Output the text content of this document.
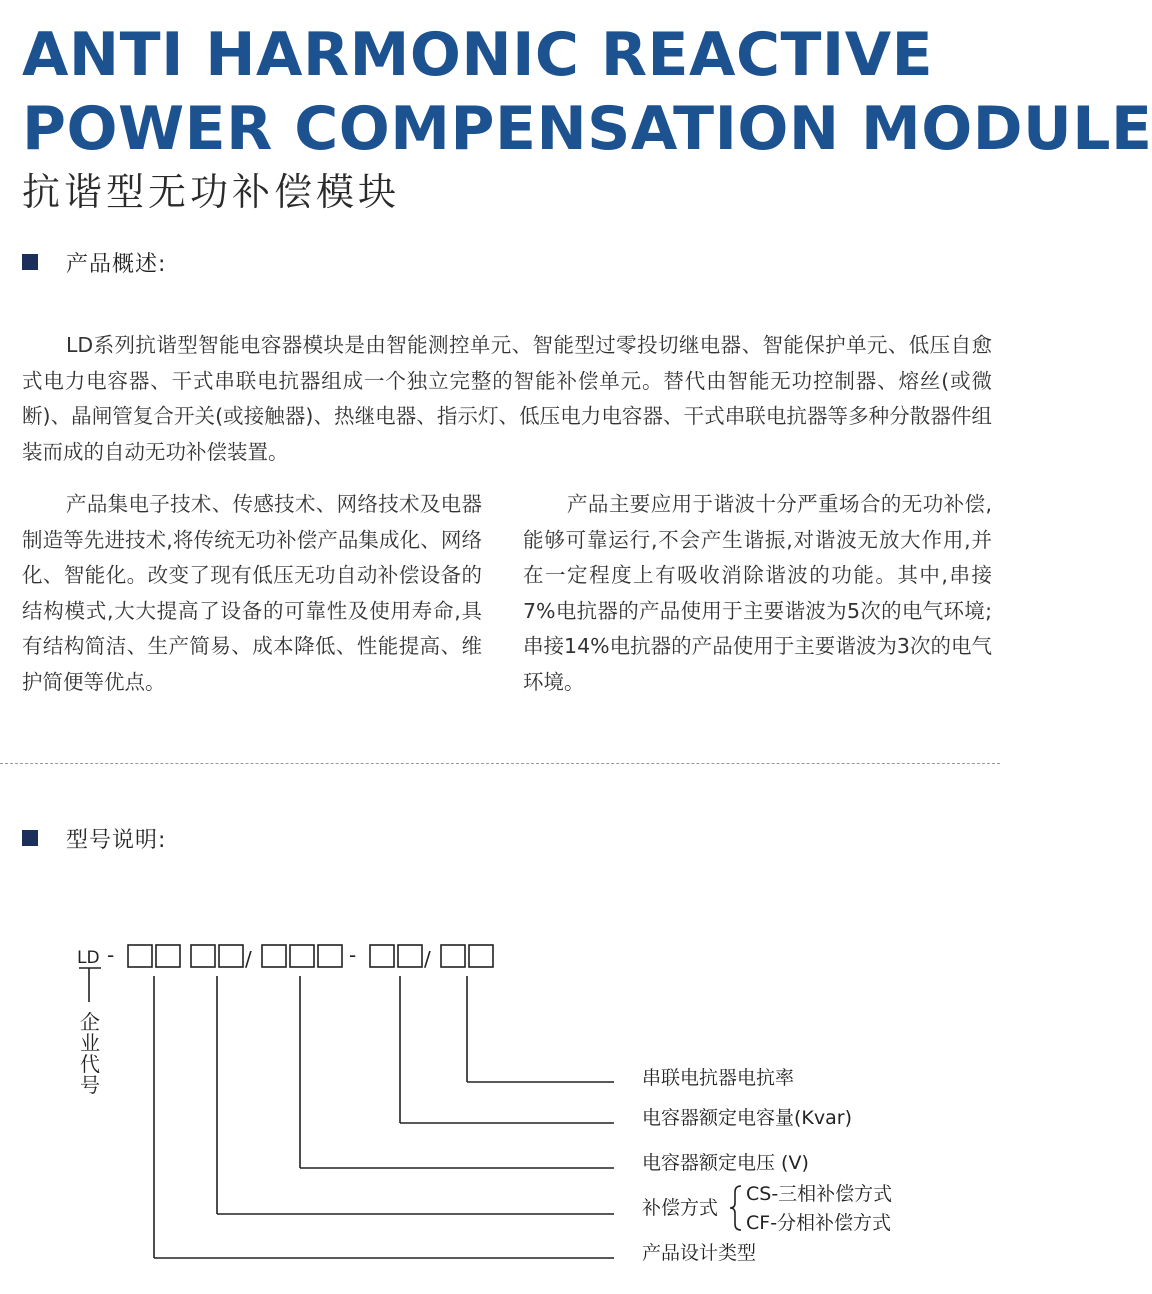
ANTI HARMONIC REACTIVE
POWER COMPENSATION MODULE
抗谐型无功补偿模块
产品概述:

LD系列抗谐型智能电容器模块是由智能测控单元、智能型过零投切继电器、智能保护单元、低压自愈式电力电容器、干式串联电抗器组成一个独立完整的智能补偿单元。替代由智能无功控制器、熔丝(或微断)、晶闸管复合开关(或接触器)、热继电器、指示灯、低压电力电容器、干式串联电抗器等多种分散器件组装而成的自动无功补偿装置。

产品集电子技术、传感技术、网络技术及电器制造等先进技术,将传统无功补偿产品集成化、网络化、智能化。改变了现有低压无功自动补偿设备的结构模式,大大提高了设备的可靠性及使用寿命,具有结构简洁、生产简易、成本降低、性能提高、维护简便等优点。

产品主要应用于谐波十分严重场合的无功补偿,能够可靠运行,不会产生谐振,对谐波无放大作用,并在一定程度上有吸收消除谐波的功能。其中,串接7%电抗器的产品使用于主要谐波为5次的电气环境;串接14%电抗器的产品使用于主要谐波为3次的电气环境。

型号说明:
LD -	/	-	/
企
业
代
号	串联电抗器电抗率
电容器额定电容量(Kvar)
电容器额定电压 (V)
补偿方式
CS-三相补偿方式
CF-分相补偿方式
产品设计类型
